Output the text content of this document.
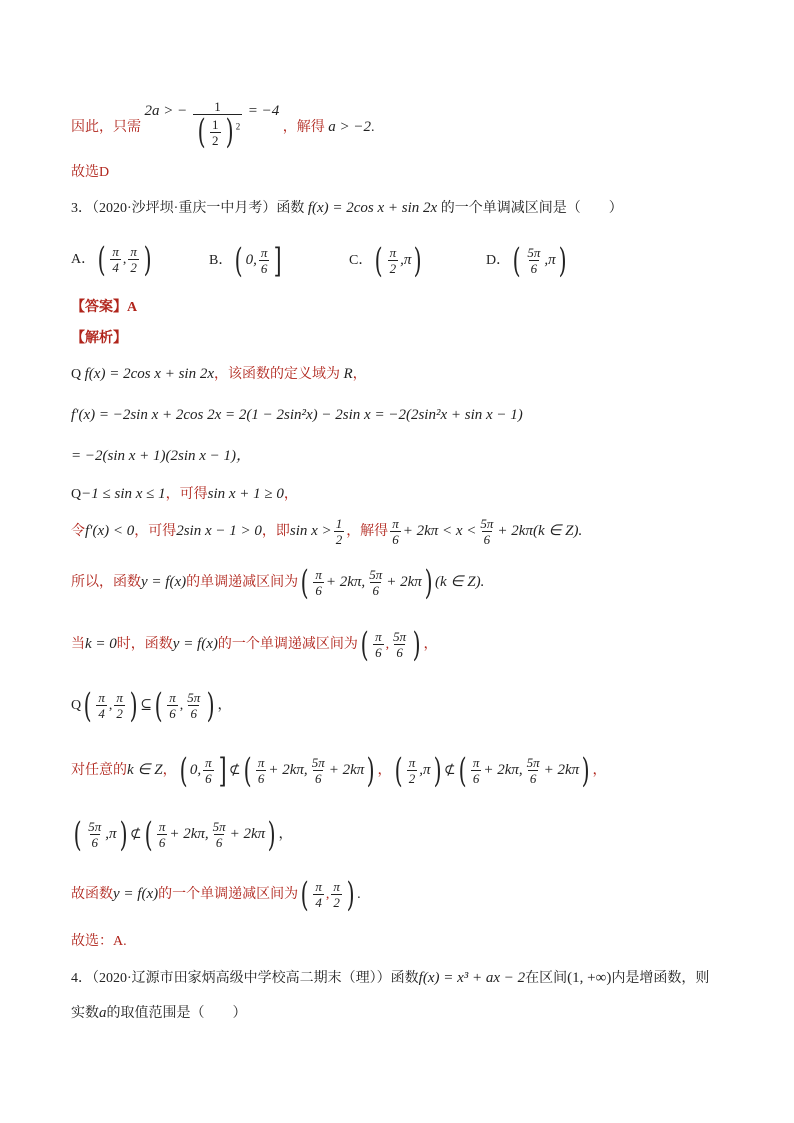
因此，只需 2a > − $\frac{1}{( \frac{1}{2} ) ^2} = -4$ ，解得 a > −2.
故选D
3．（2020·沙坪坝·重庆一中月考）函数 f(x) = 2cos x + sin 2x 的一个单调减区间是（　　）
A．( $\frac{\pi}{4}$ , $\frac{\pi}{2}$ )	B．( 0, $\frac{\pi}{6}$ ]	C．( $\frac{\pi}{2} ,\pi$)	D．( $\frac{5\pi}{6} ,\pi$)
【答案】A
【解析】
Q f(x) = 2cos x + sin 2x，该函数的定义域为 R，
f′(x) = −2sin x + 2cos 2x = 2(1 − 2sin²x) − 2sin x = −2(2sin²x + sin x − 1)
= −2(sin x + 1)(2sin x − 1)，
Q−1 ≤ sin x ≤ 1，可得sin x + 1 ≥ 0，
令f′(x) < 0，可得2sin x − 1 > 0，即$\sin x > \frac{1}{2}$ ，解得 $\frac{\pi}{6} + 2k\pi < x < \frac{5\pi}{6} + 2k\pi(k$ ∈ Z).
所以，函数y = f(x)的单调递减区间为( $\frac{\pi}{6} + 2k\pi$, $\frac{5\pi}{6} + 2k\pi$) (k ∈ Z).
当k = 0时，函数y = f(x)的一个单调递减区间为( $\frac{\pi}{6}$ , $\frac{5\pi}{6}$ ) ，
$Q( \frac{\pi}{4}$ , $\frac{\pi}{2}$ ) ⊆( $\frac{\pi}{6}$ , $\frac{5\pi}{6}$ ) ，
对任意的k ∈ Z，( 0, $\frac{\pi}{6}$ ] ⊄( $\frac{\pi}{6} + 2k\pi$, $\frac{5\pi}{6} + 2k\pi$) ，( $\frac{\pi}{2} ,\pi$) ⊄( $\frac{\pi}{6} + 2k\pi$, $\frac{5\pi}{6} + 2k\pi$) ，
( $\frac{5\pi}{6} ,\pi$) ⊄( $\frac{\pi}{6} + 2k\pi$, $\frac{5\pi}{6} + 2k\pi$) ，
故函数y = f(x)的一个单调递减区间为( $\frac{\pi}{4}$ , $\frac{\pi}{2}$ ) .
故选：A.
4．（2020·辽源市田家炳高级中学校高二期末（理））函数f(x) = x³ + ax − 2在区间(1, +∞)内是增函数，则
实数a的取值范围是（　　）
